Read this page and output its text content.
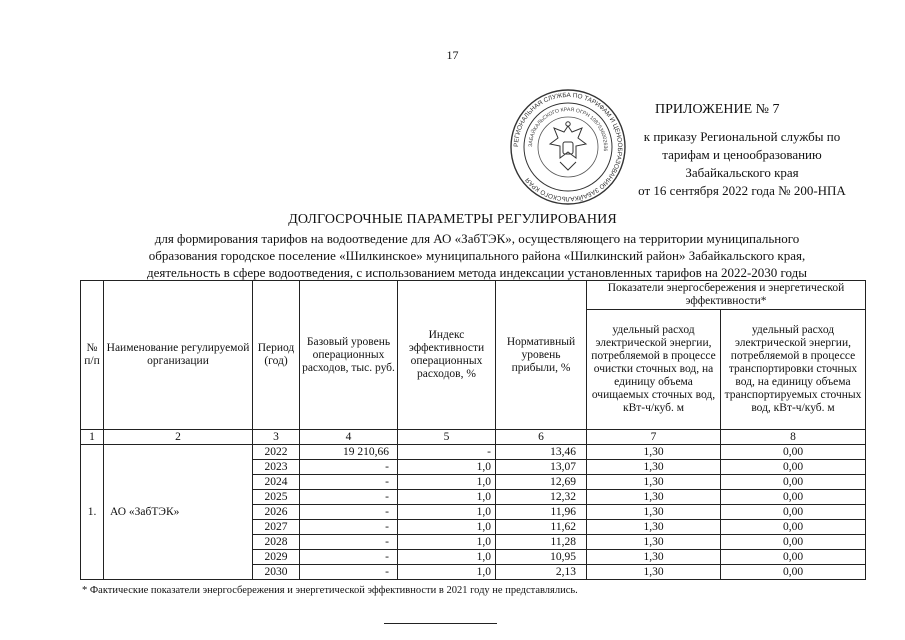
17
РЕГИОНАЛЬНАЯ СЛУЖБА ПО ТАРИФАМ И ЦЕНООБРАЗОВАНИЮ ЗАБАЙКАЛЬСКОГО КРАЯ
ЗАБАЙКАЛЬСКОГО КРАЯ ОГРН 1087536002636
ПРИЛОЖЕНИЕ № 7
к приказу Региональной службы по
тарифам и ценообразованию
Забайкальского края
от 16 сентября 2022 года № 200-НПА
ДОЛГОСРОЧНЫЕ ПАРАМЕТРЫ РЕГУЛИРОВАНИЯ
для формирования тарифов на водоотведение для АО «ЗабТЭК», осуществляющего на территории муниципального
образования городское поселение «Шилкинское» муниципального района «Шилкинский район» Забайкальского края,
деятельность в сфере водоотведения, с использованием метода индексации установленных тарифов на 2022-2030 годы
№ п/п	Наименование регулируемой организации	Период (год)	Базовый уровень операционных расходов, тыс. руб.	Индекс эффективности операционных расходов, %	Нормативный уровень прибыли, %	Показатели энергосбережения и энергетической эффективности*	
						удельный расход электрической энергии, потребляемой в процессе очистки сточных вод, на единицу объема очищаемых сточных вод, кВт-ч/куб. м	удельный расход электрической энергии, потребляемой в процессе транспортировки сточных вод, на единицу объема транспортируемых сточных вод, кВт-ч/куб. м
1	2	3	4	5	6	7	8
1.	АО «ЗабТЭК»	2022	19 210,66	-	13,46	1,30	0,00
		2023	-	1,0	13,07	1,30	0,00
		2024	-	1,0	12,69	1,30	0,00
		2025	-	1,0	12,32	1,30	0,00
		2026	-	1,0	11,96	1,30	0,00
		2027	-	1,0	11,62	1,30	0,00
		2028	-	1,0	11,28	1,30	0,00
		2029	-	1,0	10,95	1,30	0,00
		2030	-	1,0	2,13	1,30	0,00
* Фактические показатели энергосбережения и энергетической эффективности в 2021 году не представлялись.
